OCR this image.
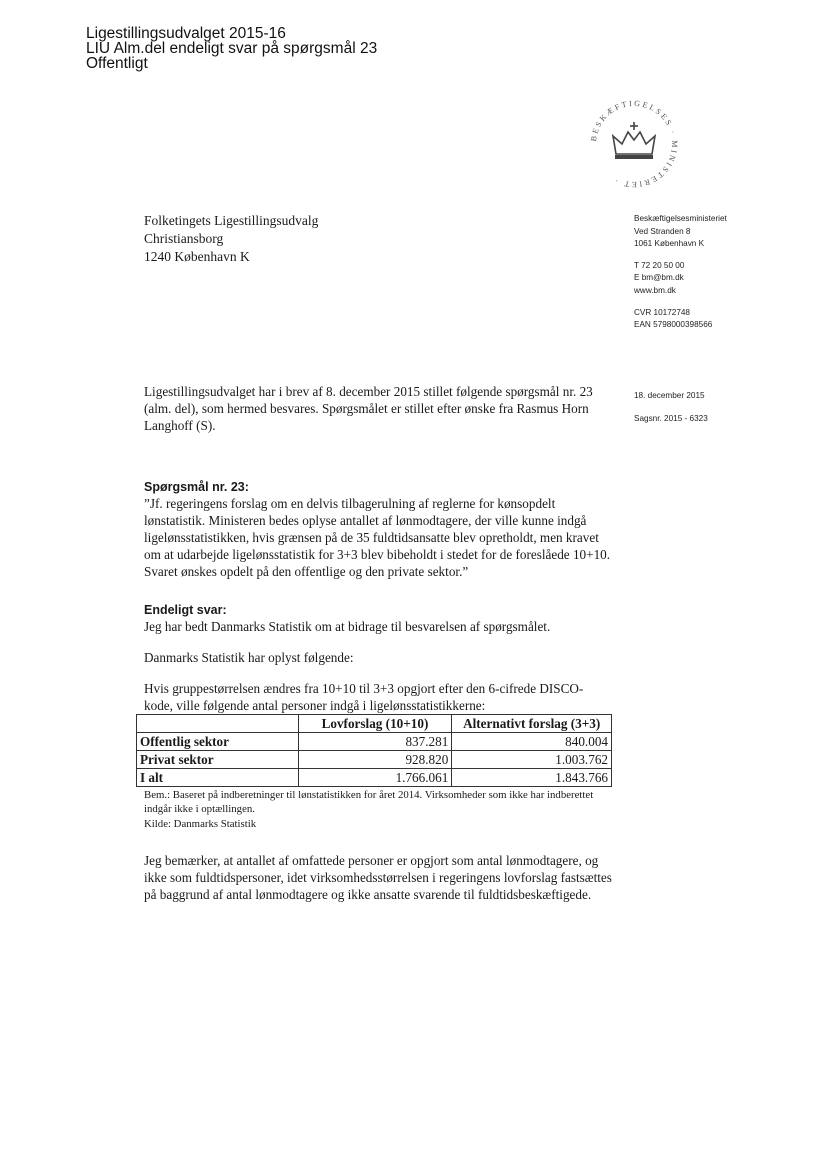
Ligestillingsudvalget 2015-16
LIU Alm.del endeligt svar på spørgsmål 23
Offentligt
BESKÆFTIGELSES · MINISTERIET ·
Folketingets Ligestillingsudvalg
Christiansborg
1240 København K
Beskæftigelsesministeriet
Ved Stranden 8
1061 København K
T 72 20 50 00
E bm@bm.dk
www.bm.dk
CVR 10172748
EAN 5798000398566
18. december 2015
Sagsnr. 2015 - 6323

Ligestillingsudvalget har i brev af 8. december 2015 stillet følgende spørgsmål nr. 23 (alm. del), som hermed besvares. Spørgsmålet er stillet efter ønske fra Rasmus Horn Langhoff (S).

Spørgsmål nr. 23:

”Jf. regeringens forslag om en delvis tilbagerulning af reglerne for kønsopdelt lønstatistik. Ministeren bedes oplyse antallet af lønmodtagere, der ville kunne indgå ligelønsstatistikken, hvis grænsen på de 35 fuldtidsansatte blev opretholdt, men kravet om at udarbejde ligelønsstatistik for 3+3 blev bibeholdt i stedet for de foreslåede 10+10. Svaret ønskes opdelt på den offentlige og den private sektor.”

Endeligt svar:

Jeg har bedt Danmarks Statistik om at bidrage til besvarelsen af spørgsmålet.

Danmarks Statistik har oplyst følgende:

Hvis gruppestørrelsen ændres fra 10+10 til 3+3 opgjort efter den 6-cifrede DISCO-kode, ville følgende antal personer indgå i ligelønsstatistikkerne:

	Lovforslag (10+10)	Alternativt forslag (3+3)
Offentlig sektor	837.281	840.004
Privat sektor	928.820	1.003.762
I alt	1.766.061	1.843.766
Bem.: Baseret på indberetninger til lønstatistikken for året 2014. Virksomheder som ikke har indberettet indgår ikke i optællingen.
Kilde: Danmarks Statistik

Jeg bemærker, at antallet af omfattede personer er opgjort som antal lønmodtagere, og ikke som fuldtidspersoner, idet virksomhedsstørrelsen i regeringens lovforslag fastsættes på baggrund af antal lønmodtagere og ikke ansatte svarende til fuldtidsbeskæftigede.
